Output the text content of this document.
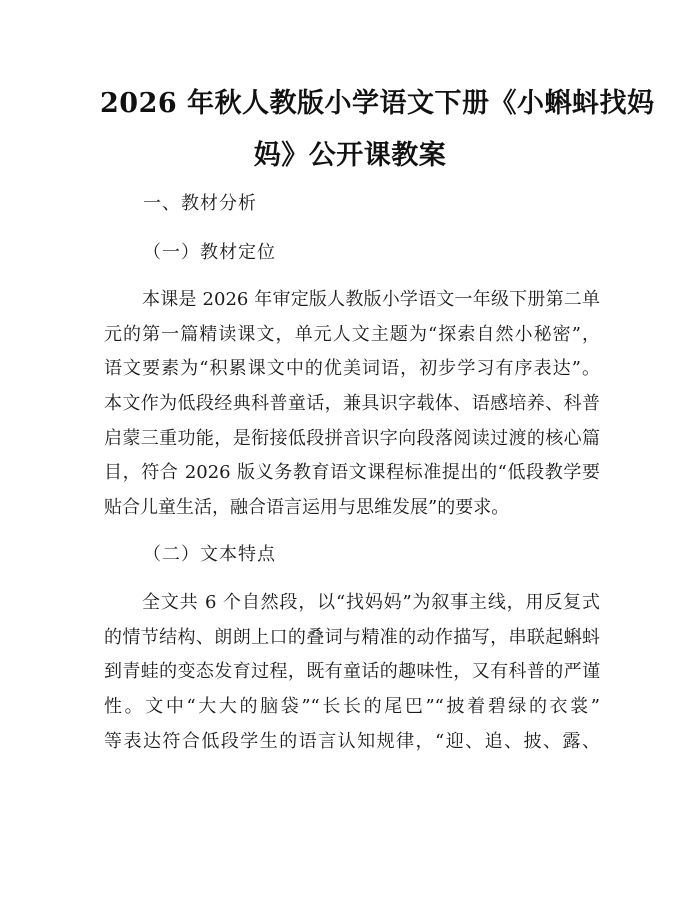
2026 年秋人教版小学语文下册《小蝌蚪找妈
妈》公开课教案
一、教材分析
（一）教材定位
本课是 2026 年审定版人教版小学语文一年级下册第二单
元的第一篇精读课文，单元人文主题为“探索自然小秘密”，
语文要素为“积累课文中的优美词语，初步学习有序表达”。
本文作为低段经典科普童话，兼具识字载体、语感培养、科普
启蒙三重功能，是衔接低段拼音识字向段落阅读过渡的核心篇
目，符合 2026 版义务教育语文课程标准提出的“低段教学要
贴合儿童生活，融合语言运用与思维发展”的要求。
（二）文本特点
全文共 6 个自然段，以“找妈妈”为叙事主线，用反复式
的情节结构、朗朗上口的叠词与精准的动作描写，串联起蝌蚪
到青蛙的变态发育过程，既有童话的趣味性，又有科普的严谨
性。文中“大大的脑袋”“长长的尾巴”“披着碧绿的衣裳”
等表达符合低段学生的语言认知规律，“迎、追、披、露、
